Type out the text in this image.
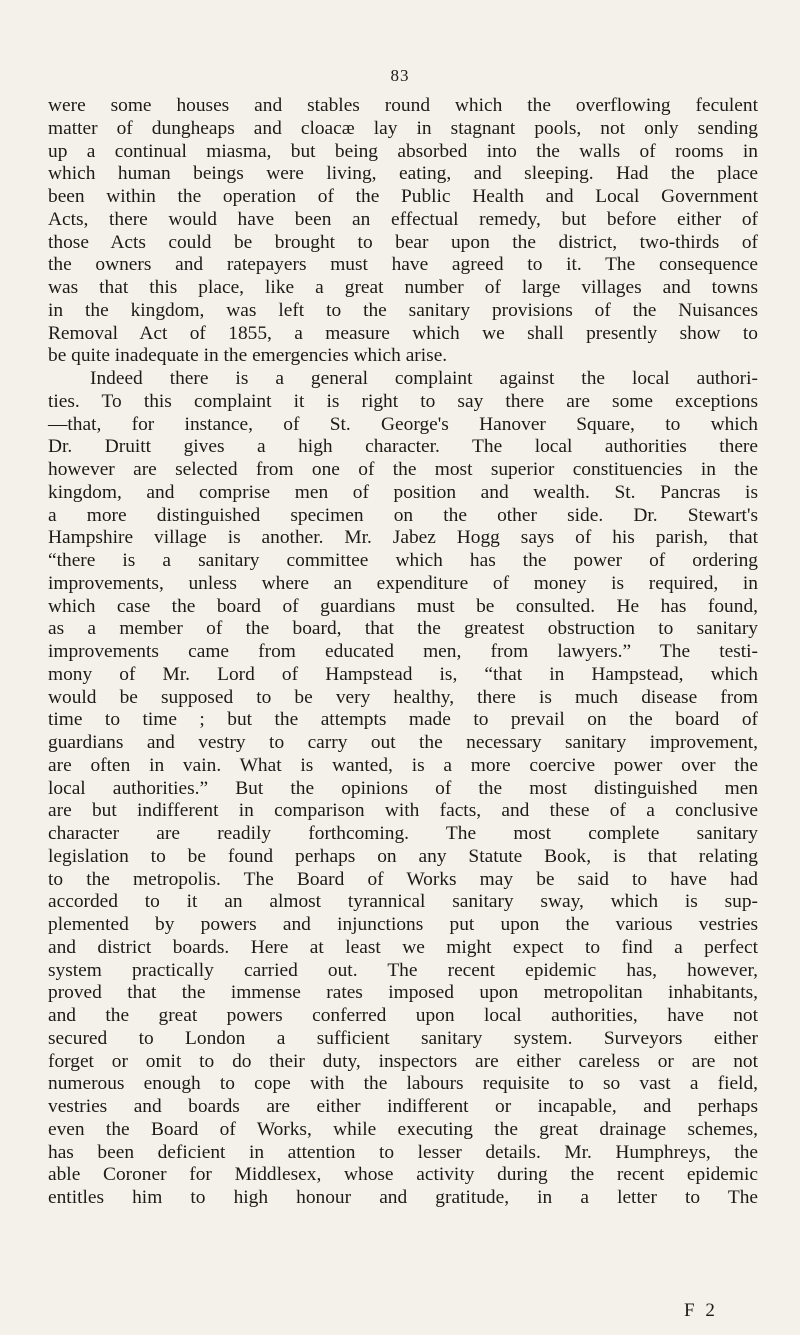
83
were some houses and stables round which the overflowing feculent
matter of dungheaps and cloacæ lay in stagnant pools, not only sending
up a continual miasma, but being absorbed into the walls of rooms in
which human beings were living, eating, and sleeping. Had the place
been within the operation of the Public Health and Local Government
Acts, there would have been an effectual remedy, but before either of
those Acts could be brought to bear upon the district, two-thirds of
the owners and ratepayers must have agreed to it. The consequence
was that this place, like a great number of large villages and towns
in the kingdom, was left to the sanitary provisions of the Nuisances
Removal Act of 1855, a measure which we shall presently show to
be quite inadequate in the emergencies which arise.
Indeed there is a general complaint against the local authori-
ties. To this complaint it is right to say there are some exceptions
—that, for instance, of St. George's Hanover Square, to which
Dr. Druitt gives a high character. The local authorities there
however are selected from one of the most superior constituencies in the
kingdom, and comprise men of position and wealth. St. Pancras is
a more distinguished specimen on the other side. Dr. Stewart's
Hampshire village is another. Mr. Jabez Hogg says of his parish, that
“there is a sanitary committee which has the power of ordering
improvements, unless where an expenditure of money is required, in
which case the board of guardians must be consulted. He has found,
as a member of the board, that the greatest obstruction to sanitary
improvements came from educated men, from lawyers.” The testi-
mony of Mr. Lord of Hampstead is, “that in Hampstead, which
would be supposed to be very healthy, there is much disease from
time to time ; but the attempts made to prevail on the board of
guardians and vestry to carry out the necessary sanitary improvement,
are often in vain. What is wanted, is a more coercive power over the
local authorities.” But the opinions of the most distinguished men
are but indifferent in comparison with facts, and these of a conclusive
character are readily forthcoming. The most complete sanitary
legislation to be found perhaps on any Statute Book, is that relating
to the metropolis. The Board of Works may be said to have had
accorded to it an almost tyrannical sanitary sway, which is sup-
plemented by powers and injunctions put upon the various vestries
and district boards. Here at least we might expect to find a perfect
system practically carried out. The recent epidemic has, however,
proved that the immense rates imposed upon metropolitan inhabitants,
and the great powers conferred upon local authorities, have not
secured to London a sufficient sanitary system. Surveyors either
forget or omit to do their duty, inspectors are either careless or are not
numerous enough to cope with the labours requisite to so vast a field,
vestries and boards are either indifferent or incapable, and perhaps
even the Board of Works, while executing the great drainage schemes,
has been deficient in attention to lesser details. Mr. Humphreys, the
able Coroner for Middlesex, whose activity during the recent epidemic
entitles him to high honour and gratitude, in a letter to The
F 2
